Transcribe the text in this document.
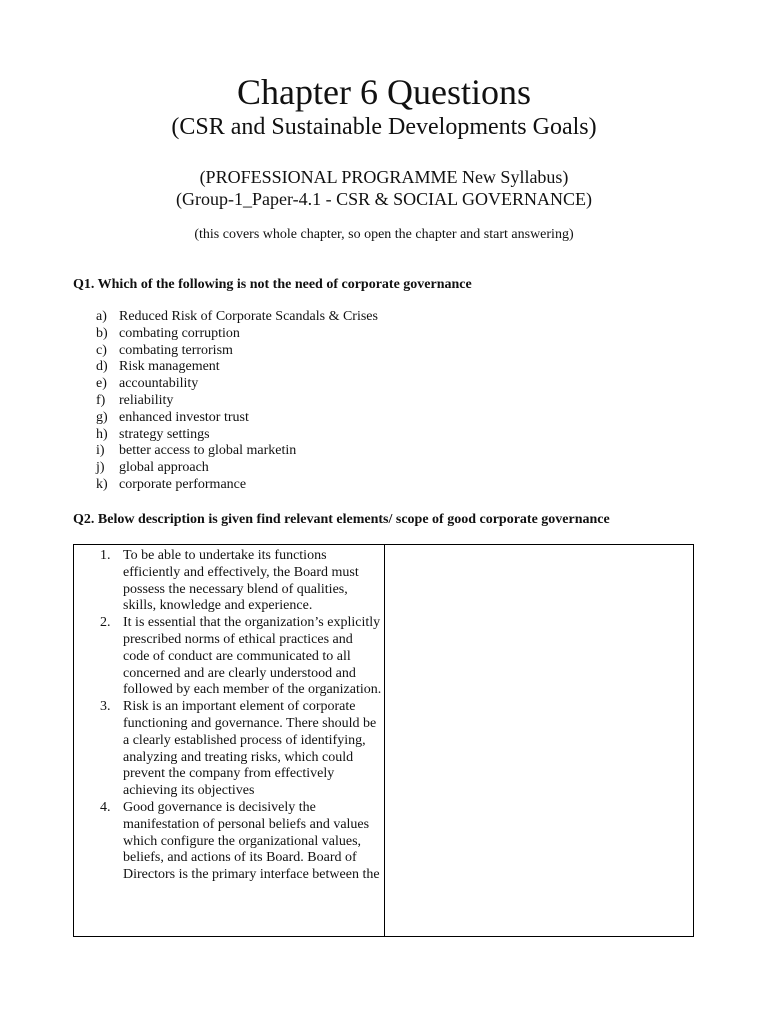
Chapter 6 Questions
(CSR and Sustainable Developments Goals)
(PROFESSIONAL PROGRAMME New Syllabus)
(Group-1_Paper-4.1 - CSR & SOCIAL GOVERNANCE)
(this covers whole chapter, so open the chapter and start answering)
Q1. Which of the following is not the need of corporate governance
a) Reduced Risk of Corporate Scandals & Crises
b) combating corruption
c) combating terrorism
d) Risk management
e) accountability
f) reliability
g) enhanced investor trust
h) strategy settings
i) better access to global marketin
j) global approach
k) corporate performance
Q2. Below description is given find relevant elements/ scope of good corporate governance
1. To be able to undertake its functions efficiently and effectively, the Board must possess the necessary blend of qualities, skills, knowledge and experience.
2. It is essential that the organization’s explicitly prescribed norms of ethical practices and code of conduct are communicated to all concerned and are clearly understood and followed by each member of the organization.
3. Risk is an important element of corporate functioning and governance. There should be a clearly established process of identifying, analyzing and treating risks, which could prevent the company from effectively achieving its objectives
4. Good governance is decisively the manifestation of personal beliefs and values which configure the organizational values, beliefs, and actions of its Board. Board of Directors is the primary interface between the
